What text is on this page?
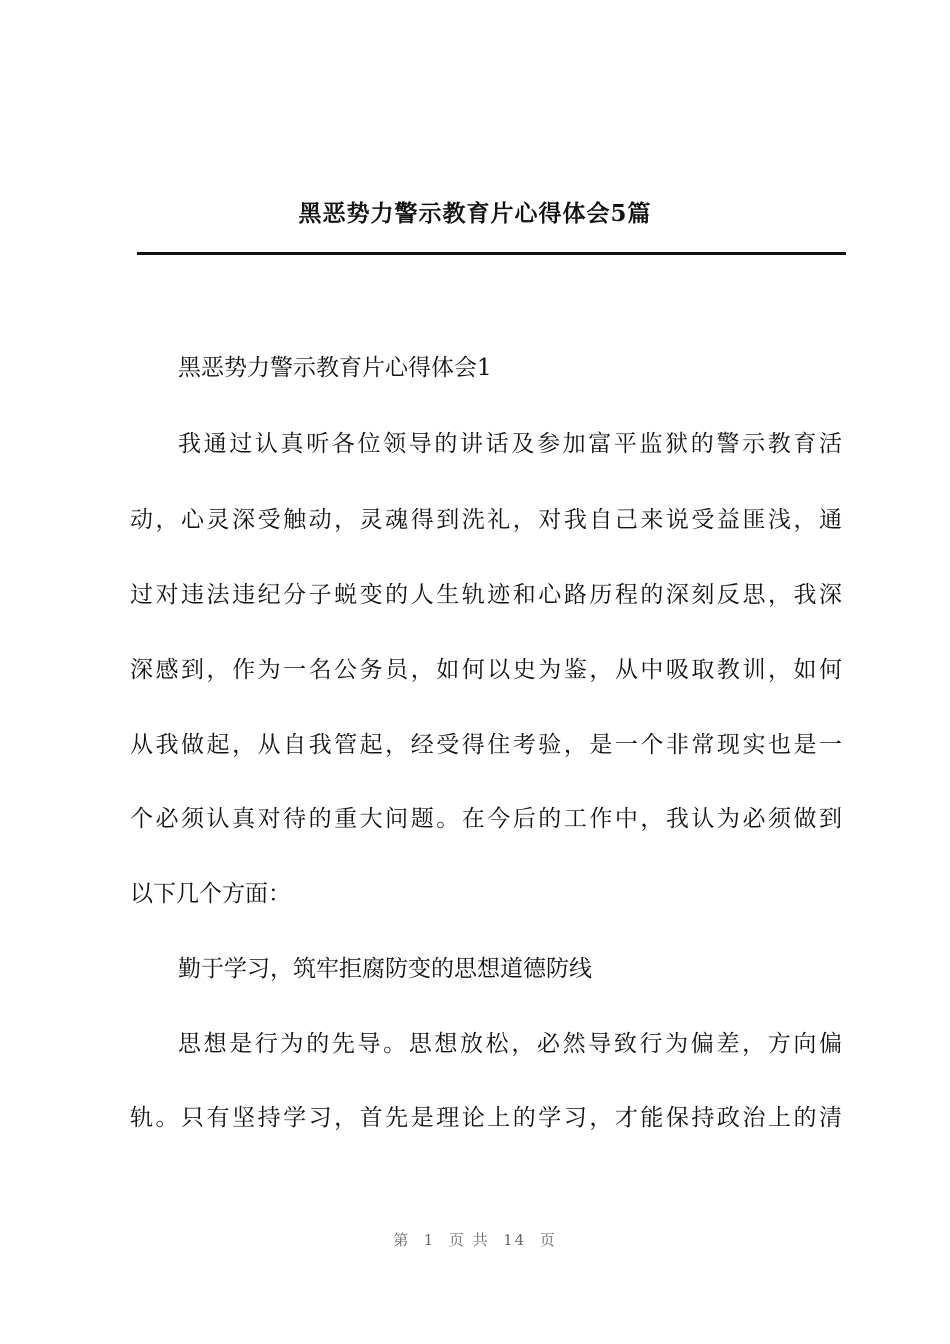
黑恶势力警示教育片心得体会5篇
黑恶势力警示教育片心得体会1
我通过认真听各位领导的讲话及参加富平监狱的警示教育活
动，心灵深受触动，灵魂得到洗礼，对我自己来说受益匪浅，通
过对违法违纪分子蜕变的人生轨迹和心路历程的深刻反思，我深
深感到，作为一名公务员，如何以史为鉴，从中吸取教训，如何
从我做起，从自我管起，经受得住考验，是一个非常现实也是一
个必须认真对待的重大问题。在今后的工作中，我认为必须做到
以下几个方面：
勤于学习，筑牢拒腐防变的思想道德防线
思想是行为的先导。思想放松，必然导致行为偏差，方向偏
轨。只有坚持学习，首先是理论上的学习，才能保持政治上的清
第  1  页 共  14  页
